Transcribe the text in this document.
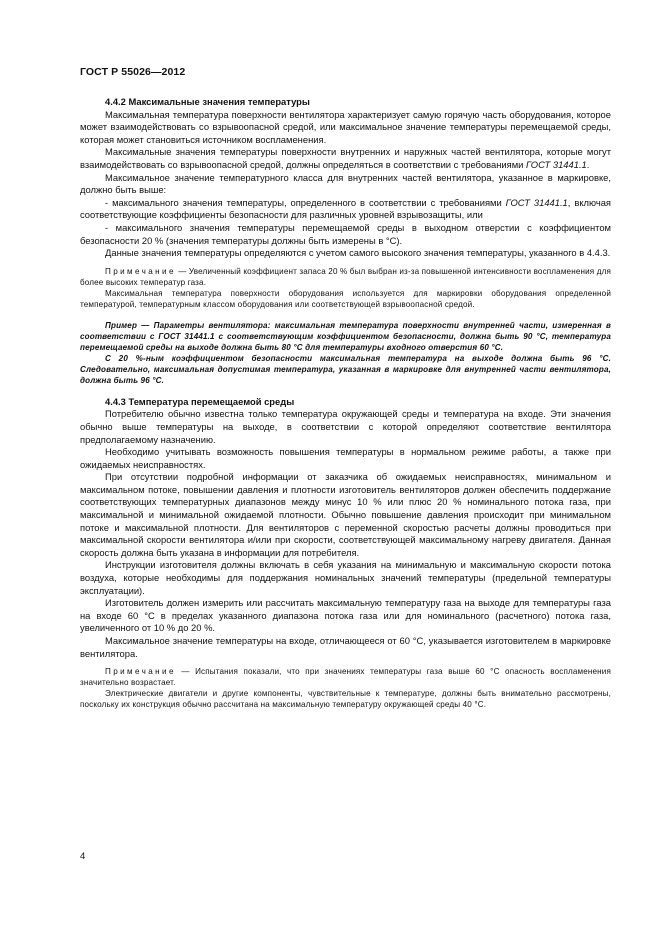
ГОСТ Р 55026—2012

4.4.2 Максимальные значения температуры

Максимальная температура поверхности вентилятора характеризует самую горячую часть оборудования, которое может взаимодействовать со взрывоопасной средой, или максимальное значение температуры перемещаемой среды, которая может становиться источником воспламенения.

Максимальные значения температуры поверхности внутренних и наружных частей вентилятора, которые могут взаимодействовать со взрывоопасной средой, должны определяться в соответствии с требованиями ГОСТ 31441.1.

Максимальное значение температурного класса для внутренних частей вентилятора, указанное в маркировке, должно быть выше:

- максимального значения температуры, определенного в соответствии с требованиями ГОСТ 31441.1, включая соответствующие коэффициенты безопасности для различных уровней взрывозащиты, или

- максимального значения температуры перемещаемой среды в выходном отверстии с коэффициентом безопасности 20 % (значения температуры должны быть измерены в °C).

Данные значения температуры определяются с учетом самого высокого значения температуры, указанного в 4.4.3.

Примечание — Увеличенный коэффициент запаса 20 % был выбран из-за повышенной интенсивности воспламенения для более высоких температур газа.

Максимальная температура поверхности оборудования используется для маркировки оборудования определенной температурой, температурным классом оборудования или соответствующей взрывоопасной средой.

Пример — Параметры вентилятора: максимальная температура поверхности внутренней части, измеренная в соответствии с ГОСТ 31441.1 с соответствующим коэффициентом безопасности, должна быть 90 °C, температура перемещаемой среды на выходе должна быть 80 °C для температуры входного отверстия 60 °C.

С 20 %-ным коэффициентом безопасности максимальная температура на выходе должна быть 96 °C. Следовательно, максимальная допустимая температура, указанная в маркировке для внутренней части вентилятора, должна быть 96 °C.

4.4.3 Температура перемещаемой среды

Потребителю обычно известна только температура окружающей среды и температура на входе. Эти значения обычно выше температуры на выходе, в соответствии с которой определяют соответствие вентилятора предполагаемому назначению.

Необходимо учитывать возможность повышения температуры в нормальном режиме работы, а также при ожидаемых неисправностях.

При отсутствии подробной информации от заказчика об ожидаемых неисправностях, минимальном и максимальном потоке, повышении давления и плотности изготовитель вентиляторов должен обеспечить поддержание соответствующих температурных диапазонов между минус 10 % или плюс 20 % номинального потока газа, при максимальной и минимальной ожидаемой плотности. Обычно повышение давления происходит при минимальном потоке и максимальной плотности. Для вентиляторов с переменной скоростью расчеты должны проводиться при максимальной скорости вентилятора и/или при скорости, соответствующей максимальному нагреву двигателя. Данная скорость должна быть указана в информации для потребителя.

Инструкции изготовителя должны включать в себя указания на минимальную и максимальную скорости потока воздуха, которые необходимы для поддержания номинальных значений температуры (предельной температуры эксплуатации).

Изготовитель должен измерить или рассчитать максимальную температуру газа на выходе для температуры газа на входе 60 °C в пределах указанного диапазона потока газа или для номинального (расчетного) потока газа, увеличенного от 10 % до 20 %.

Максимальное значение температуры на входе, отличающееся от 60 °C, указывается изготовителем в маркировке вентилятора.

Примечание — Испытания показали, что при значениях температуры газа выше 60 °C опасность воспламенения значительно возрастает.

Электрические двигатели и другие компоненты, чувствительные к температуре, должны быть внимательно рассмотрены, поскольку их конструкция обычно рассчитана на максимальную температуру окружающей среды 40 °C.

4
